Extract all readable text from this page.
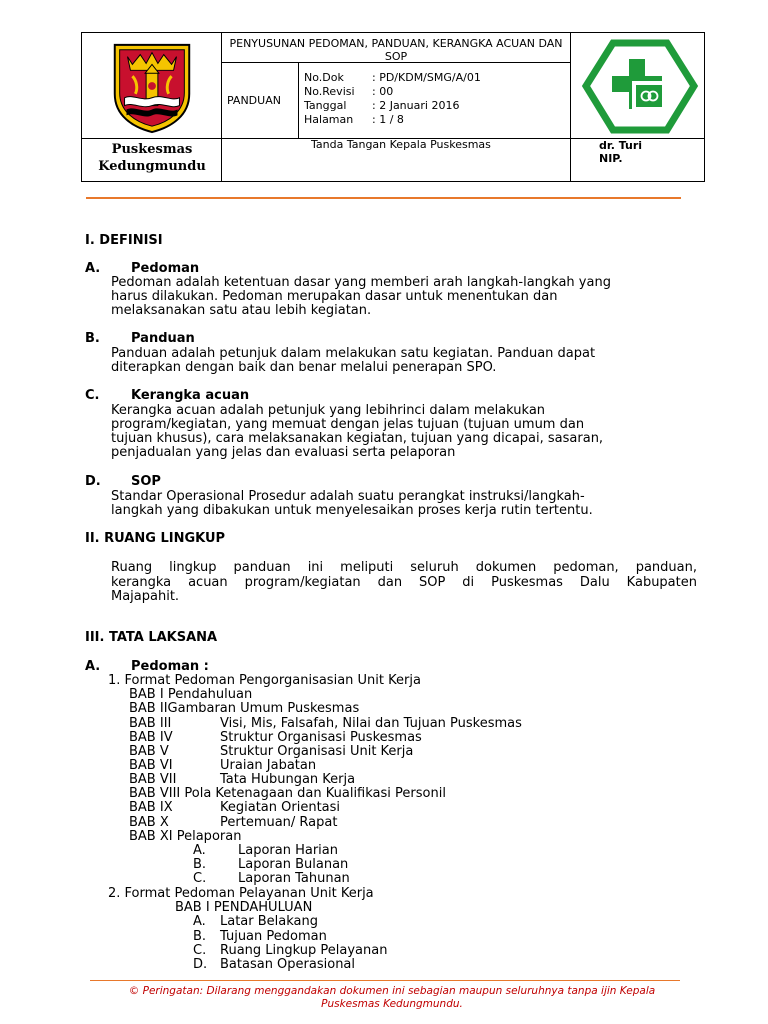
Puskesmas
Kedungmundu
PENYUSUNAN PEDOMAN, PANDUAN, KERANGKA ACUAN DAN SOP
PANDUAN
No.Dok	: PD/KDM/SMG/A/01
No.Revisi	: 00
Tanggal	: 2 Januari 2016
Halaman	: 1 / 8
Tanda Tangan Kepala Puskesmas	dr. Turi
NIP.
I. DEFINISI
A. Pedoman
Pedoman adalah ketentuan dasar yang memberi arah langkah-langkah yang
harus dilakukan. Pedoman merupakan dasar untuk menentukan dan
melaksanakan satu atau lebih kegiatan.
B. Panduan
Panduan adalah petunjuk dalam melakukan satu kegiatan. Panduan dapat
diterapkan dengan baik dan benar melalui penerapan SPO.
C. Kerangka acuan
Kerangka acuan adalah petunjuk yang lebihrinci dalam melakukan
program/kegiatan, yang memuat dengan jelas tujuan (tujuan umum dan
tujuan khusus), cara melaksanakan kegiatan, tujuan yang dicapai, sasaran,
penjadualan yang jelas dan evaluasi serta pelaporan
D. SOP
Standar Operasional Prosedur adalah suatu perangkat instruksi/langkah-
langkah yang dibakukan untuk menyelesaikan proses kerja rutin tertentu.
II. RUANG LINGKUP
Ruang lingkup panduan ini meliputi seluruh dokumen pedoman, panduan,
kerangka acuan program/kegiatan dan SOP di Puskesmas Dalu Kabupaten
Majapahit.
III. TATA LAKSANA
A. Pedoman :
1. Format Pedoman Pengorganisasian Unit Kerja
BAB I Pendahuluan
BAB IIGambaran Umum Puskesmas
BAB III	Visi, Mis, Falsafah, Nilai dan Tujuan Puskesmas
BAB IV	Struktur Organisasi Puskesmas
BAB V	Struktur Organisasi Unit Kerja
BAB VI	Uraian Jabatan
BAB VII	Tata Hubungan Kerja
BAB VIII Pola Ketenagaan dan Kualifikasi Personil
BAB IX	Kegiatan Orientasi
BAB X	Pertemuan/ Rapat
BAB XI Pelaporan
A. Laporan Harian
B. Laporan Bulanan
C. Laporan Tahunan
2. Format Pedoman Pelayanan Unit Kerja
BAB I PENDAHULUAN
A. Latar Belakang
B. Tujuan Pedoman
C. Ruang Lingkup Pelayanan
D. Batasan Operasional
© Peringatan: Dilarang menggandakan dokumen ini sebagian maupun seluruhnya tanpa ijin Kepala
Puskesmas Kedungmundu.
